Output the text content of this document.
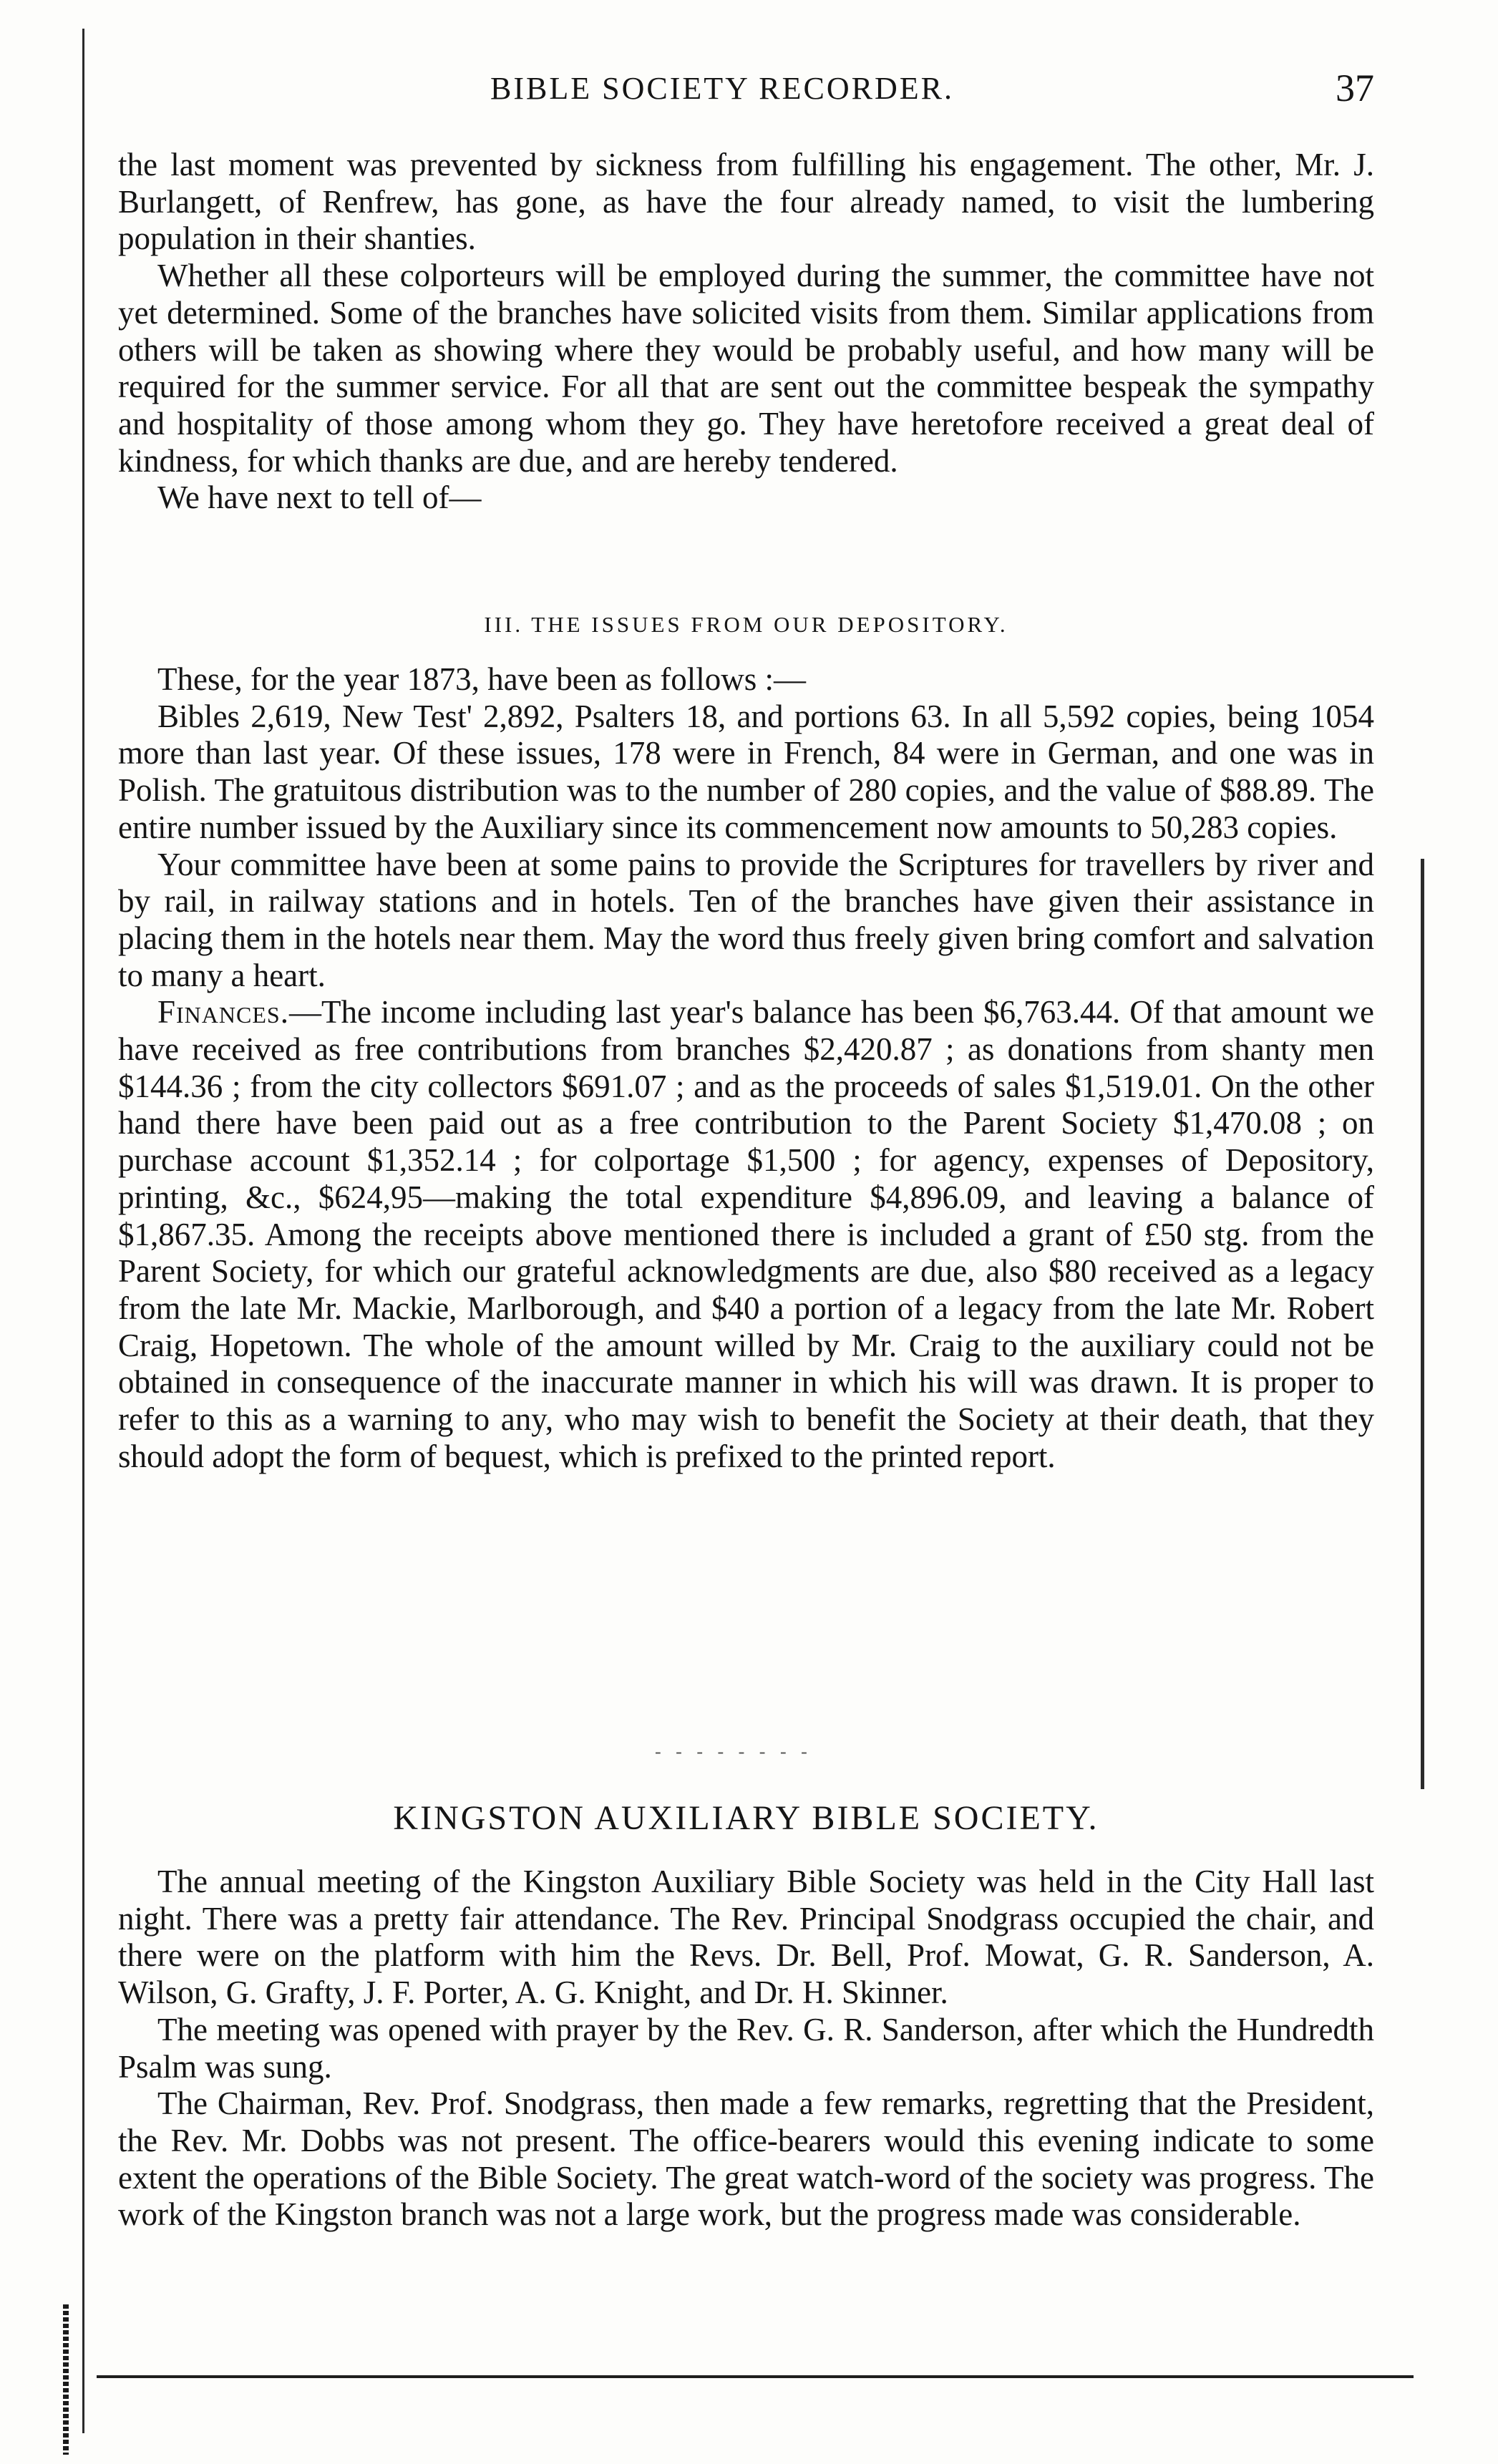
BIBLE SOCIETY RECORDER.	37

the last moment was prevented by sickness from fulfilling his engagement. The other, Mr. J. Burlangett, of Renfrew, has gone, as have the four already named, to visit the lumbering population in their shanties.

Whether all these colporteurs will be employed during the summer, the committee have not yet determined. Some of the branches have solicited visits from them. Similar applications from others will be taken as showing where they would be probably useful, and how many will be required for the summer service. For all that are sent out the committee bespeak the sympathy and hospitality of those among whom they go. They have heretofore received a great deal of kindness, for which thanks are due, and are hereby tendered.

We have next to tell of—

III. THE ISSUES FROM OUR DEPOSITORY.

These, for the year 1873, have been as follows :—

Bibles 2,619, New Test' 2,892, Psalters 18, and portions 63. In all 5,592 copies, being 1054 more than last year. Of these issues, 178 were in French, 84 were in German, and one was in Polish. The gratuitous distribution was to the number of 280 copies, and the value of $88.89. The entire number issued by the Auxiliary since its commencement now amounts to 50,283 copies.

Your committee have been at some pains to provide the Scriptures for travellers by river and by rail, in railway stations and in hotels. Ten of the branches have given their assistance in placing them in the hotels near them. May the word thus freely given bring comfort and salvation to many a heart.

Finances.—The income including last year's balance has been $6,763.44. Of that amount we have received as free contributions from branches $2,420.87 ; as donations from shanty men $144.36 ; from the city collectors $691.07 ; and as the proceeds of sales $1,519.01. On the other hand there have been paid out as a free contribution to the Parent Society $1,470.08 ; on purchase account $1,352.14 ; for colportage $1,500 ; for agency, expenses of Depository, printing, &c., $624,95—making the total expenditure $4,896.09, and leaving a balance of $1,867.35. Among the receipts above mentioned there is included a grant of £50 stg. from the Parent Society, for which our grateful acknowledgments are due, also $80 received as a legacy from the late Mr. Mackie, Marlborough, and $40 a portion of a legacy from the late Mr. Robert Craig, Hopetown. The whole of the amount willed by Mr. Craig to the auxiliary could not be obtained in consequence of the inaccurate manner in which his will was drawn. It is proper to refer to this as a warning to any, who may wish to benefit the Society at their death, that they should adopt the form of bequest, which is prefixed to the printed report.

- - - - - - - -
KINGSTON AUXILIARY BIBLE SOCIETY.

The annual meeting of the Kingston Auxiliary Bible Society was held in the City Hall last night. There was a pretty fair attendance. The Rev. Principal Snodgrass occupied the chair, and there were on the platform with him the Revs. Dr. Bell, Prof. Mowat, G. R. Sanderson, A. Wilson, G. Grafty, J. F. Porter, A. G. Knight, and Dr. H. Skinner.

The meeting was opened with prayer by the Rev. G. R. Sanderson, after which the Hundredth Psalm was sung.

The Chairman, Rev. Prof. Snodgrass, then made a few remarks, regretting that the President, the Rev. Mr. Dobbs was not present. The office-bearers would this evening indicate to some extent the operations of the Bible Society. The great watch-word of the society was progress. The work of the Kingston branch was not a large work, but the progress made was considerable.
